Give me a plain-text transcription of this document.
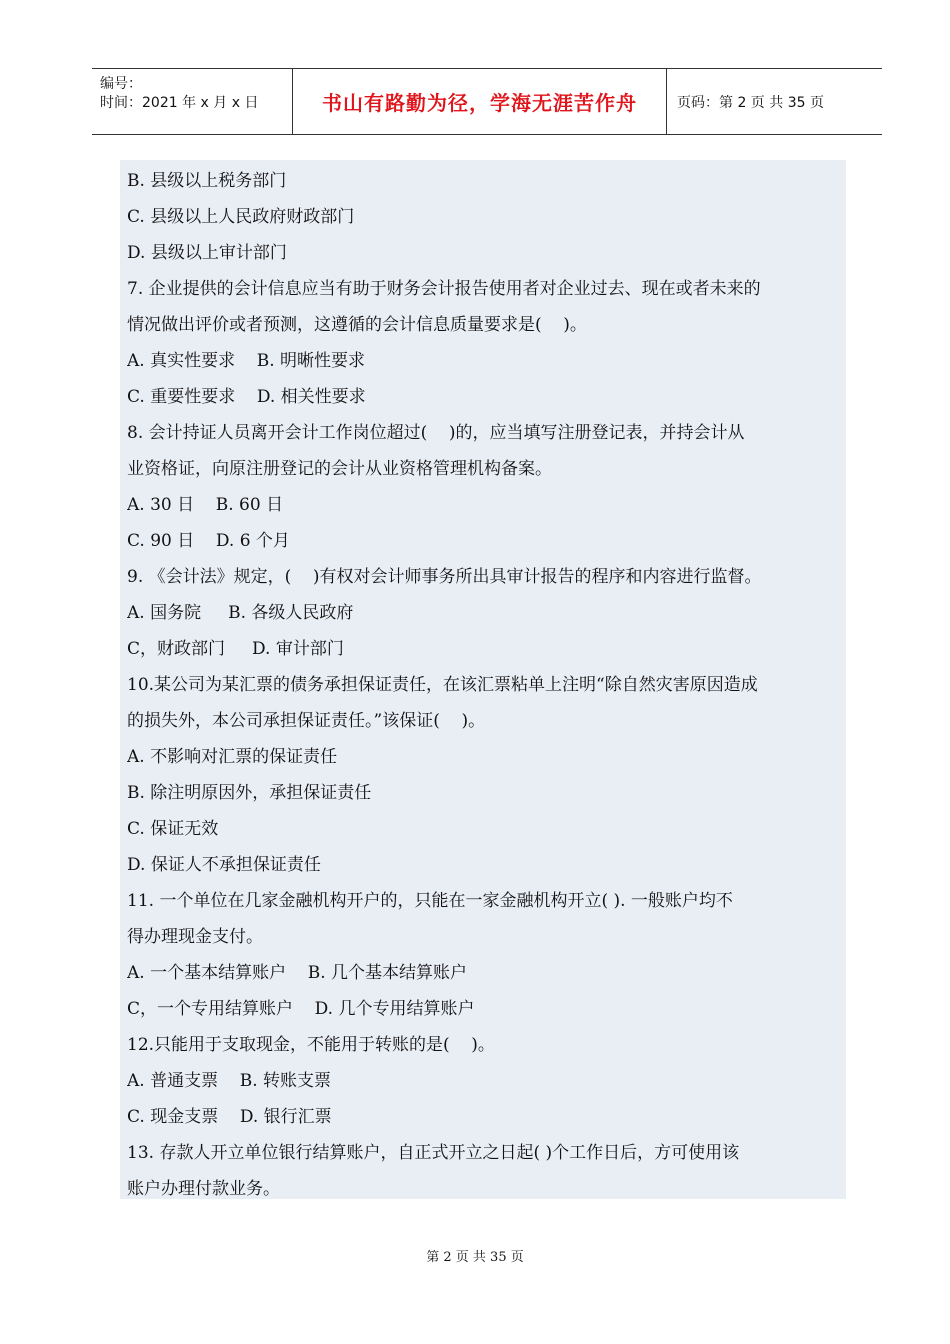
编号：
时间：2021 年 x 月 x 日	书山有路勤为径，学海无涯苦作舟	页码：第 2 页 共 35 页
B. 县级以上税务部门
C. 县级以上人民政府财政部门
D. 县级以上审计部门
7. 企业提供的会计信息应当有助于财务会计报告使用者对企业过去、现在或者未来的
情况做出评价或者预测，这遵循的会计信息质量要求是(    )。
A. 真实性要求    B. 明晰性要求
C. 重要性要求    D. 相关性要求
8. 会计持证人员离开会计工作岗位超过(    )的，应当填写注册登记表，并持会计从
业资格证，向原注册登记的会计从业资格管理机构备案。
A. 30 日    B. 60 日
C. 90 日    D. 6 个月
9. 《会计法》规定，(    )有权对会计师事务所出具审计报告的程序和内容进行监督。
A. 国务院     B. 各级人民政府
C，财政部门     D. 审计部门
10.某公司为某汇票的债务承担保证责任，在该汇票粘单上注明“除自然灾害原因造成
的损失外，本公司承担保证责任。”该保证(    )。
A. 不影响对汇票的保证责任
B. 除注明原因外，承担保证责任
C. 保证无效
D. 保证人不承担保证责任
11. 一个单位在几家金融机构开户的，只能在一家金融机构开立( ). 一般账户均不
得办理现金支付。
A. 一个基本结算账户    B. 几个基本结算账户
C，一个专用结算账户    D. 几个专用结算账户
12.只能用于支取现金，不能用于转账的是(    )。
A. 普通支票    B. 转账支票
C. 现金支票    D. 银行汇票
13. 存款人开立单位银行结算账户，自正式开立之日起( )个工作日后，方可使用该
账户办理付款业务。
第 2 页 共 35 页
